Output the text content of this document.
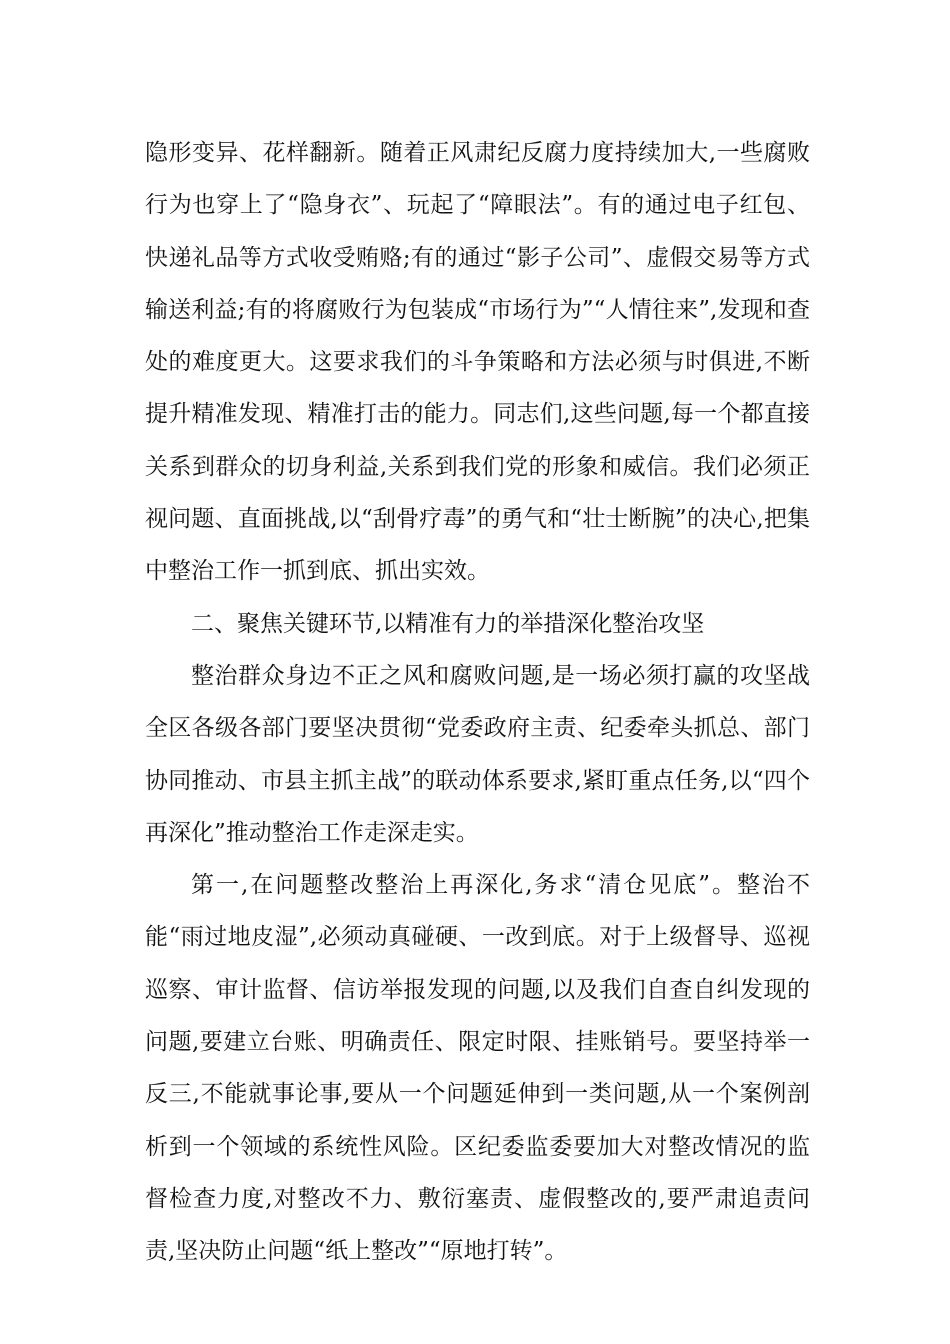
隐形变异、花样翻新。随着正风肃纪反腐力度持续加大,一些腐败行为也穿上了“隐身衣”、玩起了“障眼法”。有的通过电子红包、快递礼品等方式收受贿赂;有的通过“影子公司”、虚假交易等方式输送利益;有的将腐败行为包装成“市场行为”“人情往来”,发现和查处的难度更大。这要求我们的斗争策略和方法必须与时俱进,不断提升精准发现、精准打击的能力。同志们,这些问题,每一个都直接关系到群众的切身利益,关系到我们党的形象和威信。我们必须正视问题、直面挑战,以“刮骨疗毒”的勇气和“壮士断腕”的决心,把集中整治工作一抓到底、抓出实效。

二、聚焦关键环节,以精准有力的举措深化整治攻坚

整治群众身边不正之风和腐败问题,是一场必须打赢的攻坚战全区各级各部门要坚决贯彻“党委政府主责、纪委牵头抓总、部门协同推动、市县主抓主战”的联动体系要求,紧盯重点任务,以“四个再深化”推动整治工作走深走实。

第一,在问题整改整治上再深化,务求“清仓见底”。整治不能“雨过地皮湿”,必须动真碰硬、一改到底。对于上级督导、巡视巡察、审计监督、信访举报发现的问题,以及我们自查自纠发现的问题,要建立台账、明确责任、限定时限、挂账销号。要坚持举一反三,不能就事论事,要从一个问题延伸到一类问题,从一个案例剖析到一个领域的系统性风险。区纪委监委要加大对整改情况的监督检查力度,对整改不力、敷衍塞责、虚假整改的,要严肃追责问责,坚决防止问题“纸上整改”“原地打转”。
